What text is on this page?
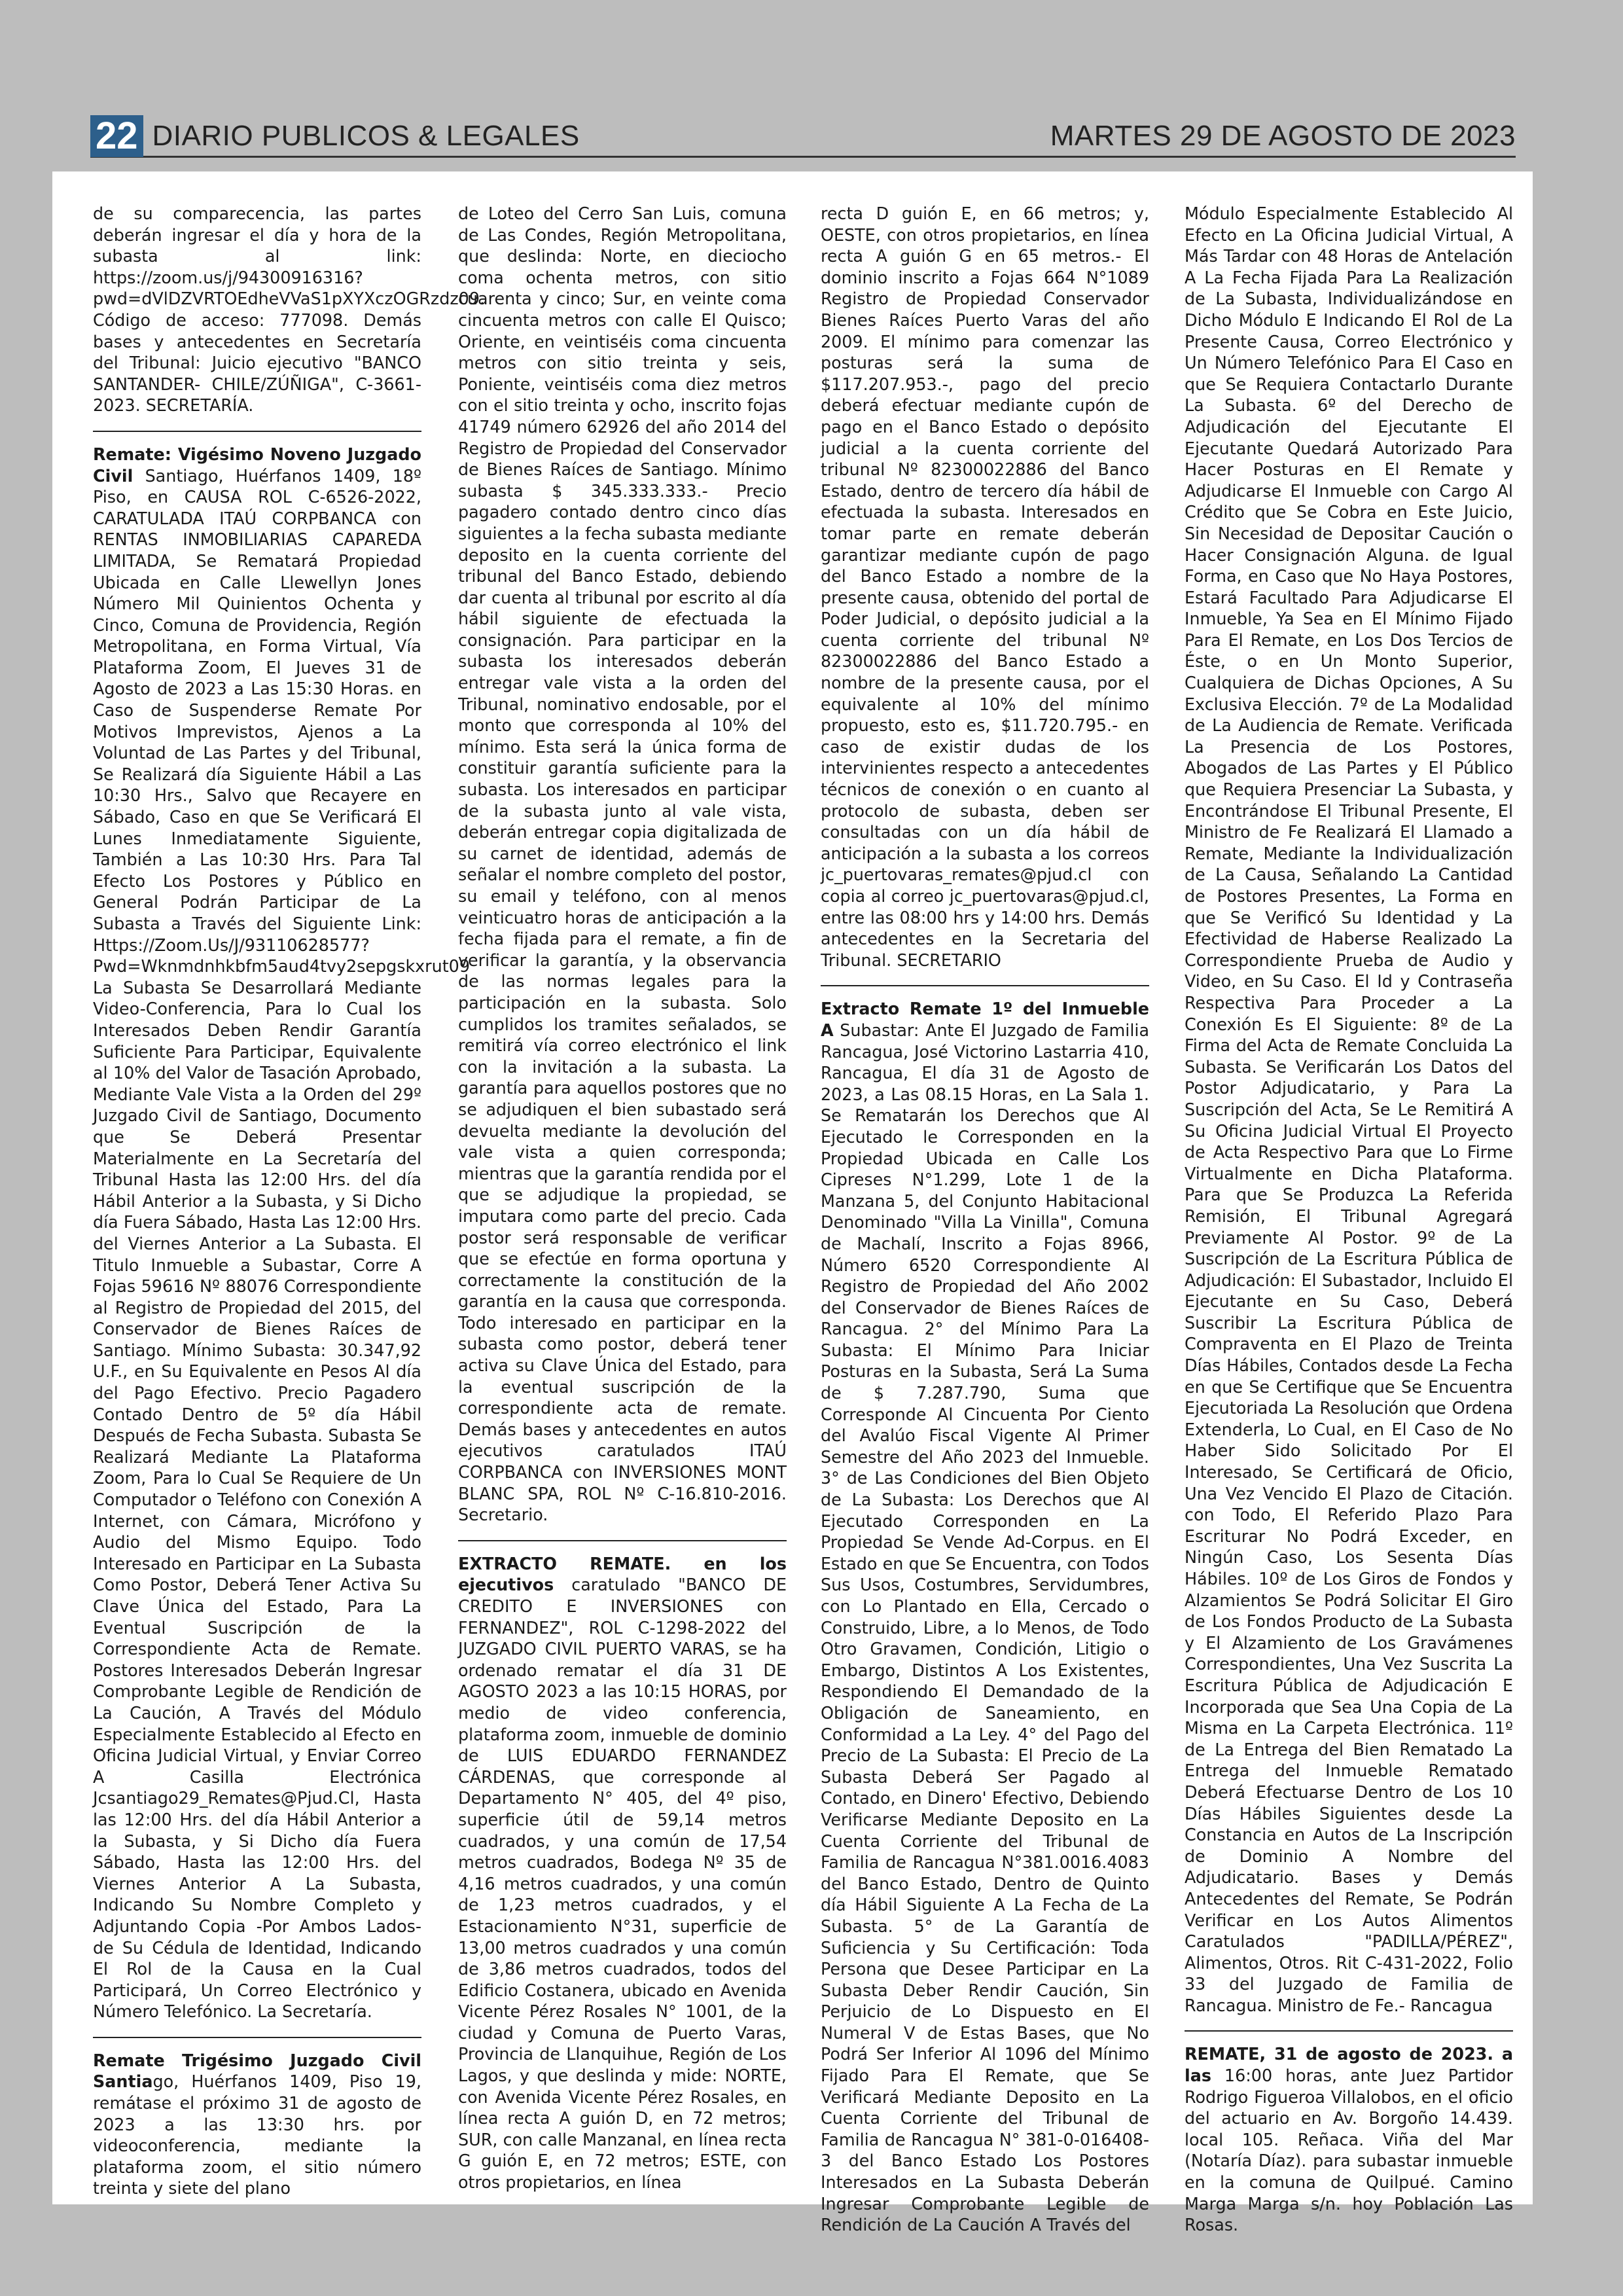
22 DIARIO PUBLICOS & LEGALES	MARTES 29 DE AGOSTO DE 2023

de su comparecencia, las partes deberán ingresar el día y hora de la subasta al link: https://zoom.us/j/94300916316?pwd=dVlDZVRTOEdheVVaS1pXYXczOGRzdz09. Código de acceso: 777098. Demás bases y antecedentes en Secretaría del Tribunal: Juicio ejecutivo "BANCO SANTANDER- CHILE/ZÚÑIGA", C-3661-2023. SECRETARÍA.

Remate: Vigésimo Noveno Juzgado Civil Santiago, Huérfanos 1409, 18º Piso, en CAUSA ROL C-6526-2022, CARATULADA ITAÚ CORPBANCA con RENTAS INMOBILIARIAS CAPAREDA LIMITADA, Se Rematará Propiedad Ubicada en Calle Llewellyn Jones Número Mil Quinientos Ochenta y Cinco, Comuna de Providencia, Región Metropolitana, en Forma Virtual, Vía Plataforma Zoom, El Jueves 31 de Agosto de 2023 a Las 15:30 Horas. en Caso de Suspenderse Remate Por Motivos Imprevistos, Ajenos a La Voluntad de Las Partes y del Tribunal, Se Realizará día Siguiente Hábil a Las 10:30 Hrs., Salvo que Recayere en Sábado, Caso en que Se Verificará El Lunes Inmediatamente Siguiente, También a Las 10:30 Hrs. Para Tal Efecto Los Postores y Público en General Podrán Participar de La Subasta a Través del Siguiente Link: Https://Zoom.Us/J/93110628577?Pwd=Wknmdnhkbfm5aud4tvy2sepgskxrut09 La Subasta Se Desarrollará Mediante Video-Conferencia, Para lo Cual los Interesados Deben Rendir Garantía Suficiente Para Participar, Equivalente al 10% del Valor de Tasación Aprobado, Mediante Vale Vista a la Orden del 29º Juzgado Civil de Santiago, Documento que Se Deberá Presentar Materialmente en La Secretaría del Tribunal Hasta las 12:00 Hrs. del día Hábil Anterior a la Subasta, y Si Dicho día Fuera Sábado, Hasta Las 12:00 Hrs. del Viernes Anterior a La Subasta. El Titulo Inmueble a Subastar, Corre A Fojas 59616 Nº 88076 Correspondiente al Registro de Propiedad del 2015, del Conservador de Bienes Raíces de Santiago. Mínimo Subasta: 30.347,92 U.F., en Su Equivalente en Pesos Al día del Pago Efectivo. Precio Pagadero Contado Dentro de 5º día Hábil Después de Fecha Subasta. Subasta Se Realizará Mediante La Plataforma Zoom, Para lo Cual Se Requiere de Un Computador o Teléfono con Conexión A Internet, con Cámara, Micrófono y Audio del Mismo Equipo. Todo Interesado en Participar en La Subasta Como Postor, Deberá Tener Activa Su Clave Única del Estado, Para La Eventual Suscripción de la Correspondiente Acta de Remate. Postores Interesados Deberán Ingresar Comprobante Legible de Rendición de La Caución, A Través del Módulo Especialmente Establecido al Efecto en Oficina Judicial Virtual, y Enviar Correo A Casilla Electrónica Jcsantiago29_Remates@Pjud.Cl, Hasta las 12:00 Hrs. del día Hábil Anterior a la Subasta, y Si Dicho día Fuera Sábado, Hasta las 12:00 Hrs. del Viernes Anterior A La Subasta, Indicando Su Nombre Completo y Adjuntando Copia -Por Ambos Lados- de Su Cédula de Identidad, Indicando El Rol de la Causa en la Cual Participará, Un Correo Electrónico y Número Telefónico. La Secretaría.

Remate Trigésimo Juzgado Civil Santiago, Huérfanos 1409, Piso 19, remátase el próximo 31 de agosto de 2023 a las 13:30 hrs. por videoconferencia, mediante la plataforma zoom, el sitio número treinta y siete del plano

de Loteo del Cerro San Luis, comuna de Las Condes, Región Metropolitana, que deslinda: Norte, en dieciocho coma ochenta metros, con sitio cuarenta y cinco; Sur, en veinte coma cincuenta metros con calle El Quisco; Oriente, en veintiséis coma cincuenta metros con sitio treinta y seis, Poniente, veintiséis coma diez metros con el sitio treinta y ocho, inscrito fojas 41749 número 62926 del año 2014 del Registro de Propiedad del Conservador de Bienes Raíces de Santiago. Mínimo subasta $ 345.333.333.- Precio pagadero contado dentro cinco días siguientes a la fecha subasta mediante deposito en la cuenta corriente del tribunal del Banco Estado, debiendo dar cuenta al tribunal por escrito al día hábil siguiente de efectuada la consignación. Para participar en la subasta los interesados deberán entregar vale vista a la orden del Tribunal, nominativo endosable, por el monto que corresponda al 10% del mínimo. Esta será la única forma de constituir garantía suficiente para la subasta. Los interesados en participar de la subasta junto al vale vista, deberán entregar copia digitalizada de su carnet de identidad, además de señalar el nombre completo del postor, su email y teléfono, con al menos veinticuatro horas de anticipación a la fecha fijada para el remate, a fin de verificar la garantía, y la observancia de las normas legales para la participación en la subasta. Solo cumplidos los tramites señalados, se remitirá vía correo electrónico el link con la invitación a la subasta. La garantía para aquellos postores que no se adjudiquen el bien subastado será devuelta mediante la devolución del vale vista a quien corresponda; mientras que la garantía rendida por el que se adjudique la propiedad, se imputara como parte del precio. Cada postor será responsable de verificar que se efectúe en forma oportuna y correctamente la constitución de la garantía en la causa que corresponda. Todo interesado en participar en la subasta como postor, deberá tener activa su Clave Única del Estado, para la eventual suscripción de la correspondiente acta de remate. Demás bases y antecedentes en autos ejecutivos caratulados ITAÚ CORPBANCA con INVERSIONES MONT BLANC SPA, ROL Nº C-16.810-2016. Secretario.

EXTRACTO REMATE. en los ejecutivos caratulado "BANCO DE CREDITO E INVERSIONES con FERNANDEZ", ROL C-1298-2022 del JUZGADO CIVIL PUERTO VARAS, se ha ordenado rematar el día 31 DE AGOSTO 2023 a las 10:15 HORAS, por medio de video conferencia, plataforma zoom, inmueble de dominio de LUIS EDUARDO FERNANDEZ CÁRDENAS, que corresponde al Departamento N° 405, del 4º piso, superficie útil de 59,14 metros cuadrados, y una común de 17,54 metros cuadrados, Bodega Nº 35 de 4,16 metros cuadrados, y una común de 1,23 metros cuadrados, y el Estacionamiento N°31, superficie de 13,00 metros cuadrados y una común de 3,86 metros cuadrados, todos del Edificio Costanera, ubicado en Avenida Vicente Pérez Rosales N° 1001, de la ciudad y Comuna de Puerto Varas, Provincia de Llanquihue, Región de Los Lagos, y que deslinda y mide: NORTE, con Avenida Vicente Pérez Rosales, en línea recta A guión D, en 72 metros; SUR, con calle Manzanal, en línea recta G guión E, en 72 metros; ESTE, con otros propietarios, en línea

recta D guión E, en 66 metros; y, OESTE, con otros propietarios, en línea recta A guión G en 65 metros.- El dominio inscrito a Fojas 664 N°1089 Registro de Propiedad Conservador Bienes Raíces Puerto Varas del año 2009. El mínimo para comenzar las posturas será la suma de $117.207.953.-, pago del precio deberá efectuar mediante cupón de pago en el Banco Estado o depósito judicial a la cuenta corriente del tribunal Nº 82300022886 del Banco Estado, dentro de tercero día hábil de efectuada la subasta. Interesados en tomar parte en remate deberán garantizar mediante cupón de pago del Banco Estado a nombre de la presente causa, obtenido del portal de Poder Judicial, o depósito judicial a la cuenta corriente del tribunal Nº 82300022886 del Banco Estado a nombre de la presente causa, por el equivalente al 10% del mínimo propuesto, esto es, $11.720.795.- en caso de existir dudas de los intervinientes respecto a antecedentes técnicos de conexión o en cuanto al protocolo de subasta, deben ser consultadas con un día hábil de anticipación a la subasta a los correos jc_puertovaras_remates@pjud.cl con copia al correo jc_puertovaras@pjud.cl, entre las 08:00 hrs y 14:00 hrs. Demás antecedentes en la Secretaria del Tribunal. SECRETARIO

Extracto Remate 1º del Inmueble A Subastar: Ante El Juzgado de Familia Rancagua, José Victorino Lastarria 410, Rancagua, El día 31 de Agosto de 2023, a Las 08.15 Horas, en La Sala 1. Se Rematarán los Derechos que Al Ejecutado le Corresponden en la Propiedad Ubicada en Calle Los Cipreses N°1.299, Lote 1 de la Manzana 5, del Conjunto Habitacional Denominado "Villa La Vinilla", Comuna de Machalí, Inscrito a Fojas 8966, Número 6520 Correspondiente Al Registro de Propiedad del Año 2002 del Conservador de Bienes Raíces de Rancagua. 2° del Mínimo Para La Subasta: El Mínimo Para Iniciar Posturas en la Subasta, Será La Suma de $ 7.287.790, Suma que Corresponde Al Cincuenta Por Ciento del Avalúo Fiscal Vigente Al Primer Semestre del Año 2023 del Inmueble. 3° de Las Condiciones del Bien Objeto de La Subasta: Los Derechos que Al Ejecutado Corresponden en La Propiedad Se Vende Ad-Corpus. en El Estado en que Se Encuentra, con Todos Sus Usos, Costumbres, Servidumbres, con Lo Plantado en Ella, Cercado o Construido, Libre, a lo Menos, de Todo Otro Gravamen, Condición, Litigio o Embargo, Distintos A Los Existentes, Respondiendo El Demandado de la Obligación de Saneamiento, en Conformidad a La Ley. 4° del Pago del Precio de La Subasta: El Precio de La Subasta Deberá Ser Pagado al Contado, en Dinero' Efectivo, Debiendo Verificarse Mediante Deposito en La Cuenta Corriente del Tribunal de Familia de Rancagua N°381.0016.4083 del Banco Estado, Dentro de Quinto día Hábil Siguiente A La Fecha de La Subasta. 5° de La Garantía de Suficiencia y Su Certificación: Toda Persona que Desee Participar en La Subasta Deber Rendir Caución, Sin Perjuicio de Lo Dispuesto en El Numeral V de Estas Bases, que No Podrá Ser Inferior Al 1096 del Mínimo Fijado Para El Remate, que Se Verificará Mediante Deposito en La Cuenta Corriente del Tribunal de Familia de Rancagua N° 381-0-016408-3 del Banco Estado Los Postores Interesados en La Subasta Deberán Ingresar Comprobante Legible de Rendición de La Caución A Través del

Módulo Especialmente Establecido Al Efecto en La Oficina Judicial Virtual, A Más Tardar con 48 Horas de Antelación A La Fecha Fijada Para La Realización de La Subasta, Individualizándose en Dicho Módulo E Indicando El Rol de La Presente Causa, Correo Electrónico y Un Número Telefónico Para El Caso en que Se Requiera Contactarlo Durante La Subasta. 6º del Derecho de Adjudicación del Ejecutante El Ejecutante Quedará Autorizado Para Hacer Posturas en El Remate y Adjudicarse El Inmueble con Cargo Al Crédito que Se Cobra en Este Juicio, Sin Necesidad de Depositar Caución o Hacer Consignación Alguna. de Igual Forma, en Caso que No Haya Postores, Estará Facultado Para Adjudicarse El Inmueble, Ya Sea en El Mínimo Fijado Para El Remate, en Los Dos Tercios de Éste, o en Un Monto Superior, Cualquiera de Dichas Opciones, A Su Exclusiva Elección. 7º de La Modalidad de La Audiencia de Remate. Verificada La Presencia de Los Postores, Abogados de Las Partes y El Público que Requiera Presenciar La Subasta, y Encontrándose El Tribunal Presente, El Ministro de Fe Realizará El Llamado a Remate, Mediante la Individualización de La Causa, Señalando La Cantidad de Postores Presentes, La Forma en que Se Verificó Su Identidad y La Efectividad de Haberse Realizado La Correspondiente Prueba de Audio y Video, en Su Caso. El Id y Contraseña Respectiva Para Proceder a La Conexión Es El Siguiente: 8º de La Firma del Acta de Remate Concluida La Subasta. Se Verificarán Los Datos del Postor Adjudicatario, y Para La Suscripción del Acta, Se Le Remitirá A Su Oficina Judicial Virtual El Proyecto de Acta Respectivo Para que Lo Firme Virtualmente en Dicha Plataforma. Para que Se Produzca La Referida Remisión, El Tribunal Agregará Previamente Al Postor. 9º de La Suscripción de La Escritura Pública de Adjudicación: El Subastador, Incluido El Ejecutante en Su Caso, Deberá Suscribir La Escritura Pública de Compraventa en El Plazo de Treinta Días Hábiles, Contados desde La Fecha en que Se Certifique que Se Encuentra Ejecutoriada La Resolución que Ordena Extenderla, Lo Cual, en El Caso de No Haber Sido Solicitado Por El Interesado, Se Certificará de Oficio, Una Vez Vencido El Plazo de Citación. con Todo, El Referido Plazo Para Escriturar No Podrá Exceder, en Ningún Caso, Los Sesenta Días Hábiles. 10º de Los Giros de Fondos y Alzamientos Se Podrá Solicitar El Giro de Los Fondos Producto de La Subasta y El Alzamiento de Los Gravámenes Correspondientes, Una Vez Suscrita La Escritura Pública de Adjudicación E Incorporada que Sea Una Copia de La Misma en La Carpeta Electrónica. 11º de La Entrega del Bien Rematado La Entrega del Inmueble Rematado Deberá Efectuarse Dentro de Los 10 Días Hábiles Siguientes desde La Constancia en Autos de La Inscripción de Dominio A Nombre del Adjudicatario. Bases y Demás Antecedentes del Remate, Se Podrán Verificar en Los Autos Alimentos Caratulados "PADILLA/PÉREZ", Alimentos, Otros. Rit C-431-2022, Folio 33 del Juzgado de Familia de Rancagua. Ministro de Fe.- Rancagua

REMATE, 31 de agosto de 2023. a las 16:00 horas, ante Juez Partidor Rodrigo Figueroa Villalobos, en el oficio del actuario en Av. Borgoño 14.439. local 105. Reñaca. Viña del Mar (Notaría Díaz). para subastar inmueble en la comuna de Quilpué. Camino Marga Marga s/n. hoy Población Las Rosas.
